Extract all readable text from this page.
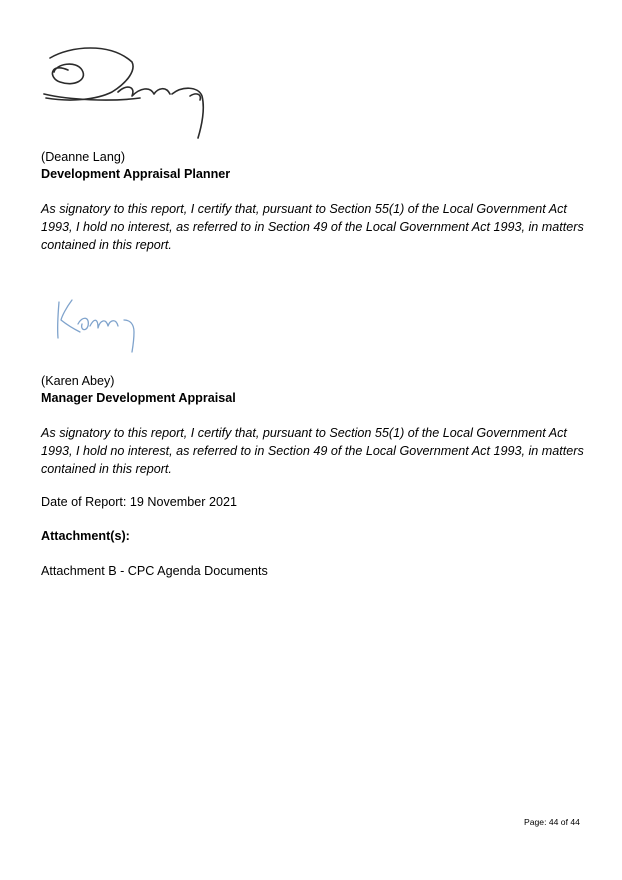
(Deanne Lang)
Development Appraisal Planner
As signatory to this report, I certify that, pursuant to Section 55(1) of the Local Government Act
1993, I hold no interest, as referred to in Section 49 of the Local Government Act 1993, in matters
contained in this report.
(Karen Abey)
Manager Development Appraisal
As signatory to this report, I certify that, pursuant to Section 55(1) of the Local Government Act
1993, I hold no interest, as referred to in Section 49 of the Local Government Act 1993, in matters
contained in this report.
Date of Report: 19 November 2021
Attachment(s):
Attachment B - CPC Agenda Documents
Page: 44 of 44
